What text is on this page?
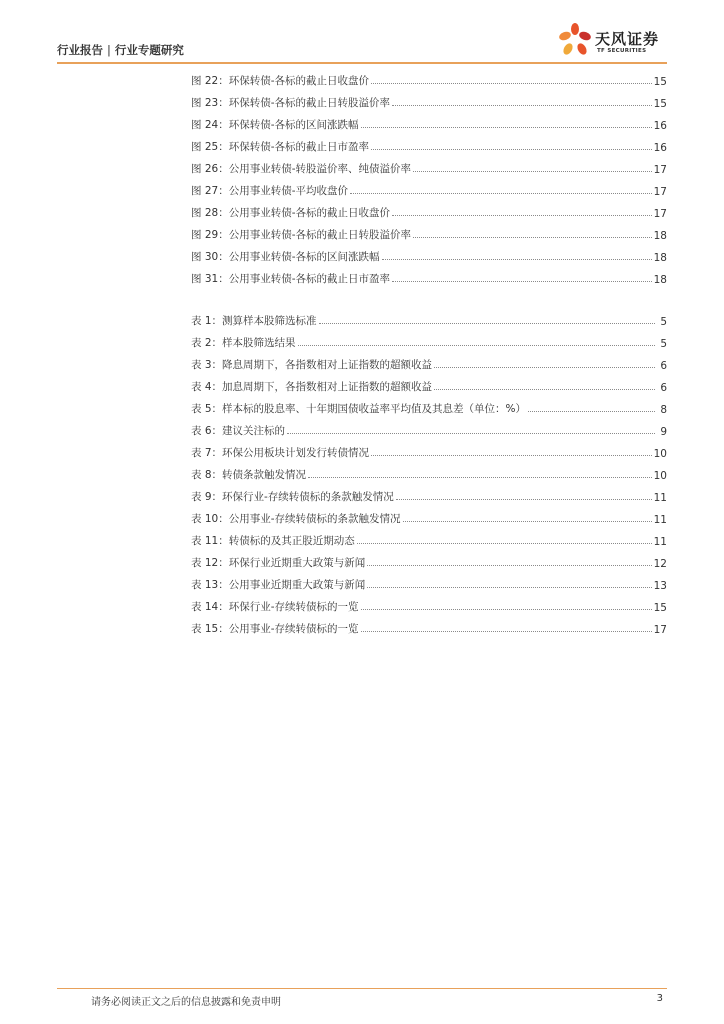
行业报告 | 行业专题研究
天风证券
TF SECURITIES
图 22：环保转债-各标的截止日收盘价	15
图 23：环保转债-各标的截止日转股溢价率	15
图 24：环保转债-各标的区间涨跌幅	16
图 25：环保转债-各标的截止日市盈率	16
图 26：公用事业转债-转股溢价率、纯债溢价率	17
图 27：公用事业转债-平均收盘价	17
图 28：公用事业转债-各标的截止日收盘价	17
图 29：公用事业转债-各标的截止日转股溢价率	18
图 30：公用事业转债-各标的区间涨跌幅	18
图 31：公用事业转债-各标的截止日市盈率	18
表 1：测算样本股筛选标准	5
表 2：样本股筛选结果	5
表 3：降息周期下，各指数相对上证指数的超额收益	6
表 4：加息周期下，各指数相对上证指数的超额收益	6
表 5：样本标的股息率、十年期国债收益率平均值及其息差（单位：%）	8
表 6：建议关注标的	9
表 7：环保公用板块计划发行转债情况	10
表 8：转债条款触发情况	10
表 9：环保行业-存续转债标的条款触发情况	11
表 10：公用事业-存续转债标的条款触发情况	11
表 11：转债标的及其正股近期动态	11
表 12：环保行业近期重大政策与新闻	12
表 13：公用事业近期重大政策与新闻	13
表 14：环保行业-存续转债标的一览	15
表 15：公用事业-存续转债标的一览	17
请务必阅读正文之后的信息披露和免责申明	3
